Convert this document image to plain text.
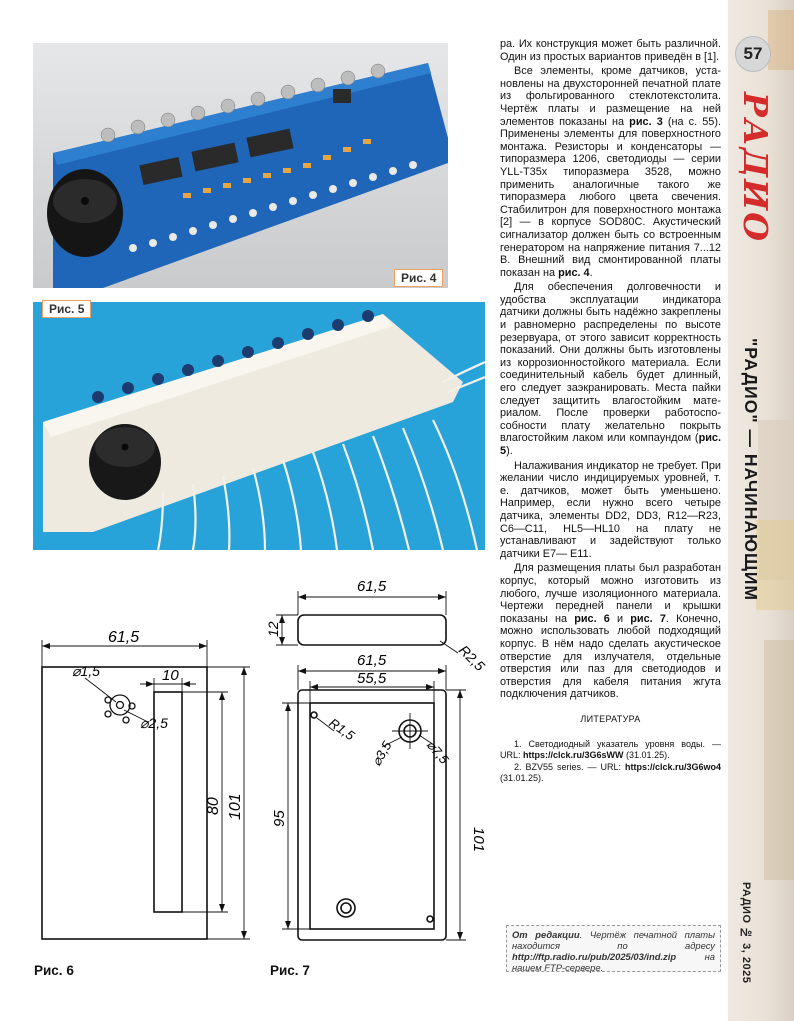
Рис. 4
Рис. 5
61,5
10
⌀1,5
⌀2,5
80 101
61,5
12
R2,5
61,5
55,5
R1,5
⌀3,5 ⌀7,5
95
101
Рис. 6	Рис. 7

ра. Их конструкция может быть различной. Один из простых вариантов приведён в [1].

Все элементы, кроме датчиков, установлены на двухсторонней печатной плате из фольгированного стеклотекстолита. Чертёж платы и размещение на ней элементов показаны на рис. 3 (на с. 55). Применены элементы для поверхностного монтажа. Резисторы и конденсаторы — типоразмера 1206, светодиоды — серии YLL-T35x типоразмера 3528, можно применить аналогичные такого же типоразмера любого цвета свечения. Стабилитрон для поверхностного монтажа [2] — в корпусе SOD80C. Акустический сигнализатор должен быть со встроенным генератором на напряжение питания 7...12 В. Внешний вид смонтированной платы показан на рис. 4.

Для обеспечения долговечности и удобства эксплуатации индикатора датчики должны быть надёжно закреплены и равномерно распределены по высоте резервуара, от этого зависит корректность показаний. Они должны быть изготовлены из коррозионностойкого материала. Если соединительный кабель будет длинный, его следует заэкранировать. Места пайки следует защитить влагостойким материалом. После проверки работоспособности плату желательно покрыть влагостойким лаком или компаундом (рис. 5).

Налаживания индикатор не требует. При желании число индицируемых уровней, т. е. датчиков, может быть уменьшено. Например, если нужно всего четыре датчика, элементы DD2, DD3, R12—R23, C6—C11, HL5—HL10 на плату не устанавливают и задействуют только датчики E7— E11.

Для размещения платы был разработан корпус, который можно изготовить из любого, лучше изоляционного материала. Чертежи передней панели и крышки показаны на рис. 6 и рис. 7. Конечно, можно использовать любой подходящий корпус. В нём надо сделать акустическое отверстие для излучателя, отдельные отверстия или паз для светодиодов и отверстия для кабеля питания жгута подключения датчиков.

ЛИТЕРАТУРА
1. Светодиодный указатель уровня воды. — URL: https://clck.ru/3G6sWW (31.01.25).
2. BZV55 series. — URL: https://clck.ru/3G6wo4 (31.01.25).
От редакции. Чертёж печатной платы находится по адресу http://ftp.radio.ru/pub/2025/03/ind.zip на нашем FTP-сервере.
57
РАДИО
"РАДИО" — НАЧИНАЮЩИМ
РАДИО № 3, 2025
